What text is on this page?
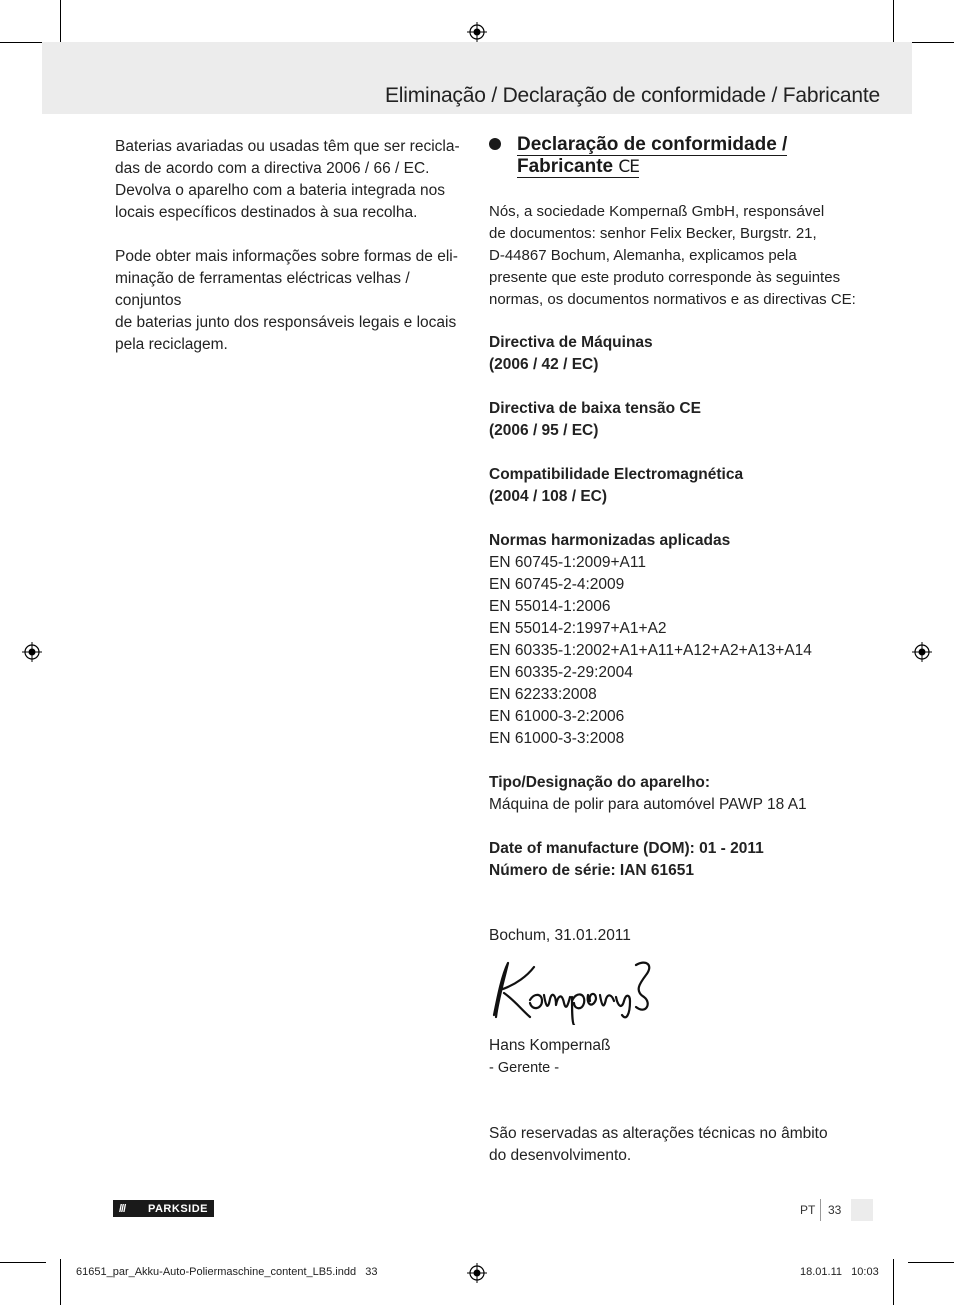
Eliminação / Declaração de conformidade / Fabricante

Baterias avariadas ou usadas têm que ser recicla-
das de acordo com a directiva 2006 / 66 / EC.
Devolva o aparelho com a bateria integrada nos
locais específicos destinados à sua recolha.

Pode obter mais informações sobre formas de eli-
minação de ferramentas eléctricas velhas / conjuntos
de baterias junto dos responsáveis legais e locais
pela reciclagem.

Declaração de conformidade /
Fabricante CE
Nós, a sociedade Kompernaß GmbH, responsável
de documentos: senhor Felix Becker, Burgstr. 21,
D-44867 Bochum, Alemanha, explicamos pela
presente que este produto corresponde às seguintes
normas, os documentos normativos e as directivas CE:
Directiva de Máquinas
(2006 / 42 / EC)
Directiva de baixa tensão CE
(2006 / 95 / EC)
Compatibilidade Electromagnética
(2004 / 108 / EC)
Normas harmonizadas aplicadas
EN 60745-1:2009+A11
EN 60745-2-4:2009
EN 55014-1:2006
EN 55014-2:1997+A1+A2
EN 60335-1:2002+A1+A11+A12+A2+A13+A14
EN 60335-2-29:2004
EN 62233:2008
EN 61000-3-2:2006
EN 61000-3-3:2008
Tipo/Designação do aparelho:
Máquina de polir para automóvel PAWP 18 A1
Date of manufacture (DOM): 01 - 2011
Número de série: IAN 61651
Bochum, 31.01.2011
Hans Kompernaß
- Gerente -
São reservadas as alterações técnicas no âmbito
do desenvolvimento.
/// PARKSIDE	PT 33
61651_par_Akku-Auto-Poliermaschine_content_LB5.indd   33	18.01.11   10:03
